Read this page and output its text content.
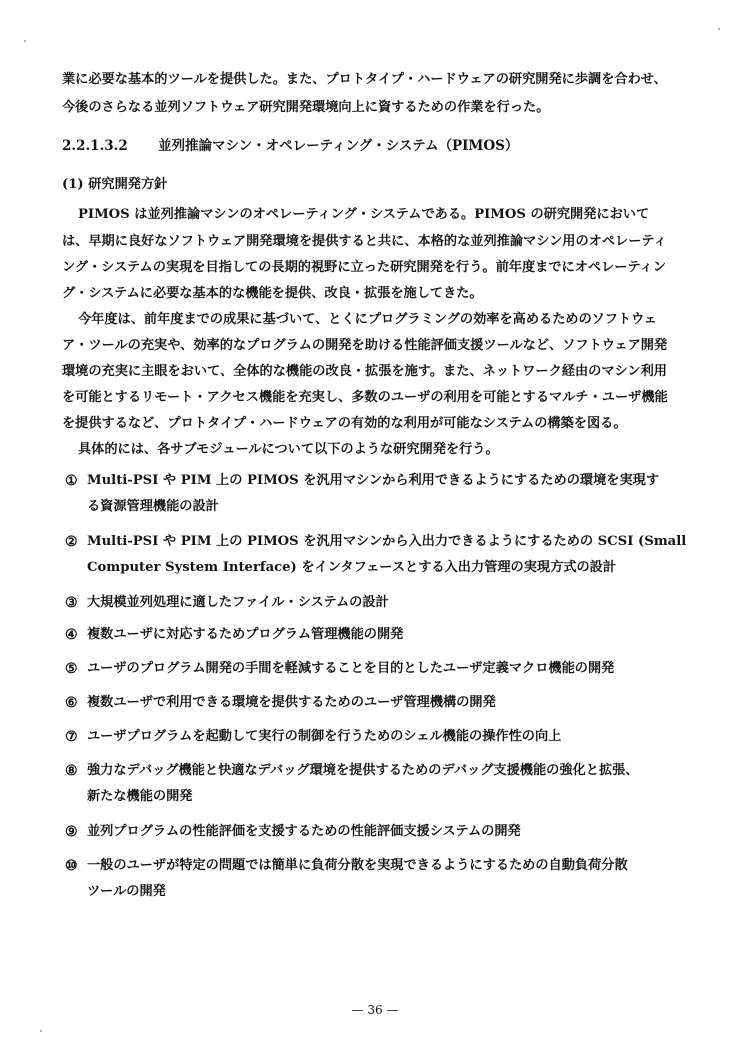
業に必要な基本的ツールを提供した。また、プロトタイプ・ハードウェアの研究開発に歩調を合わせ、
今後のさらなる並列ソフトウェア研究開発環境向上に資するための作業を行った。
2.2.1.3.2 並列推論マシン・オペレーティング・システム（PIMOS）
(1) 研究開発方針
PIMOS は並列推論マシンのオペレーティング・システムである。PIMOS の研究開発において
は、早期に良好なソフトウェア開発環境を提供すると共に、本格的な並列推論マシン用のオペレーティ
ング・システムの実現を目指しての長期的視野に立った研究開発を行う。前年度までにオペレーティン
グ・システムに必要な基本的な機能を提供、改良・拡張を施してきた。
今年度は、前年度までの成果に基づいて、とくにプログラミングの効率を高めるためのソフトウェ
ア・ツールの充実や、効率的なプログラムの開発を助ける性能評価支援ツールなど、ソフトウェア開発
環境の充実に主眼をおいて、全体的な機能の改良・拡張を施す。また、ネットワーク経由のマシン利用
を可能とするリモート・アクセス機能を充実し、多数のユーザの利用を可能とするマルチ・ユーザ機能
を提供するなど、プロトタイプ・ハードウェアの有効的な利用が可能なシステムの構築を図る。
具体的には、各サブモジュールについて以下のような研究開発を行う。
① Multi-PSI や PIM 上の PIMOS を汎用マシンから利用できるようにするための環境を実現す
る資源管理機能の設計
② Multi-PSI や PIM 上の PIMOS を汎用マシンから入出力できるようにするための SCSI (Small
Computer System Interface) をインタフェースとする入出力管理の実現方式の設計
③ 大規模並列処理に適したファイル・システムの設計
④ 複数ユーザに対応するためプログラム管理機能の開発
⑤ ユーザのプログラム開発の手間を軽減することを目的としたユーザ定義マクロ機能の開発
⑥ 複数ユーザで利用できる環境を提供するためのユーザ管理機構の開発
⑦ ユーザプログラムを起動して実行の制御を行うためのシェル機能の操作性の向上
⑧ 強力なデバッグ機能と快適なデバッグ環境を提供するためのデバッグ支援機能の強化と拡張、
新たな機能の開発
⑨ 並列プログラムの性能評価を支援するための性能評価支援システムの開発
⑩ 一般のユーザが特定の問題では簡単に負荷分散を実現できるようにするための自動負荷分散
ツールの開発
— 36 —
